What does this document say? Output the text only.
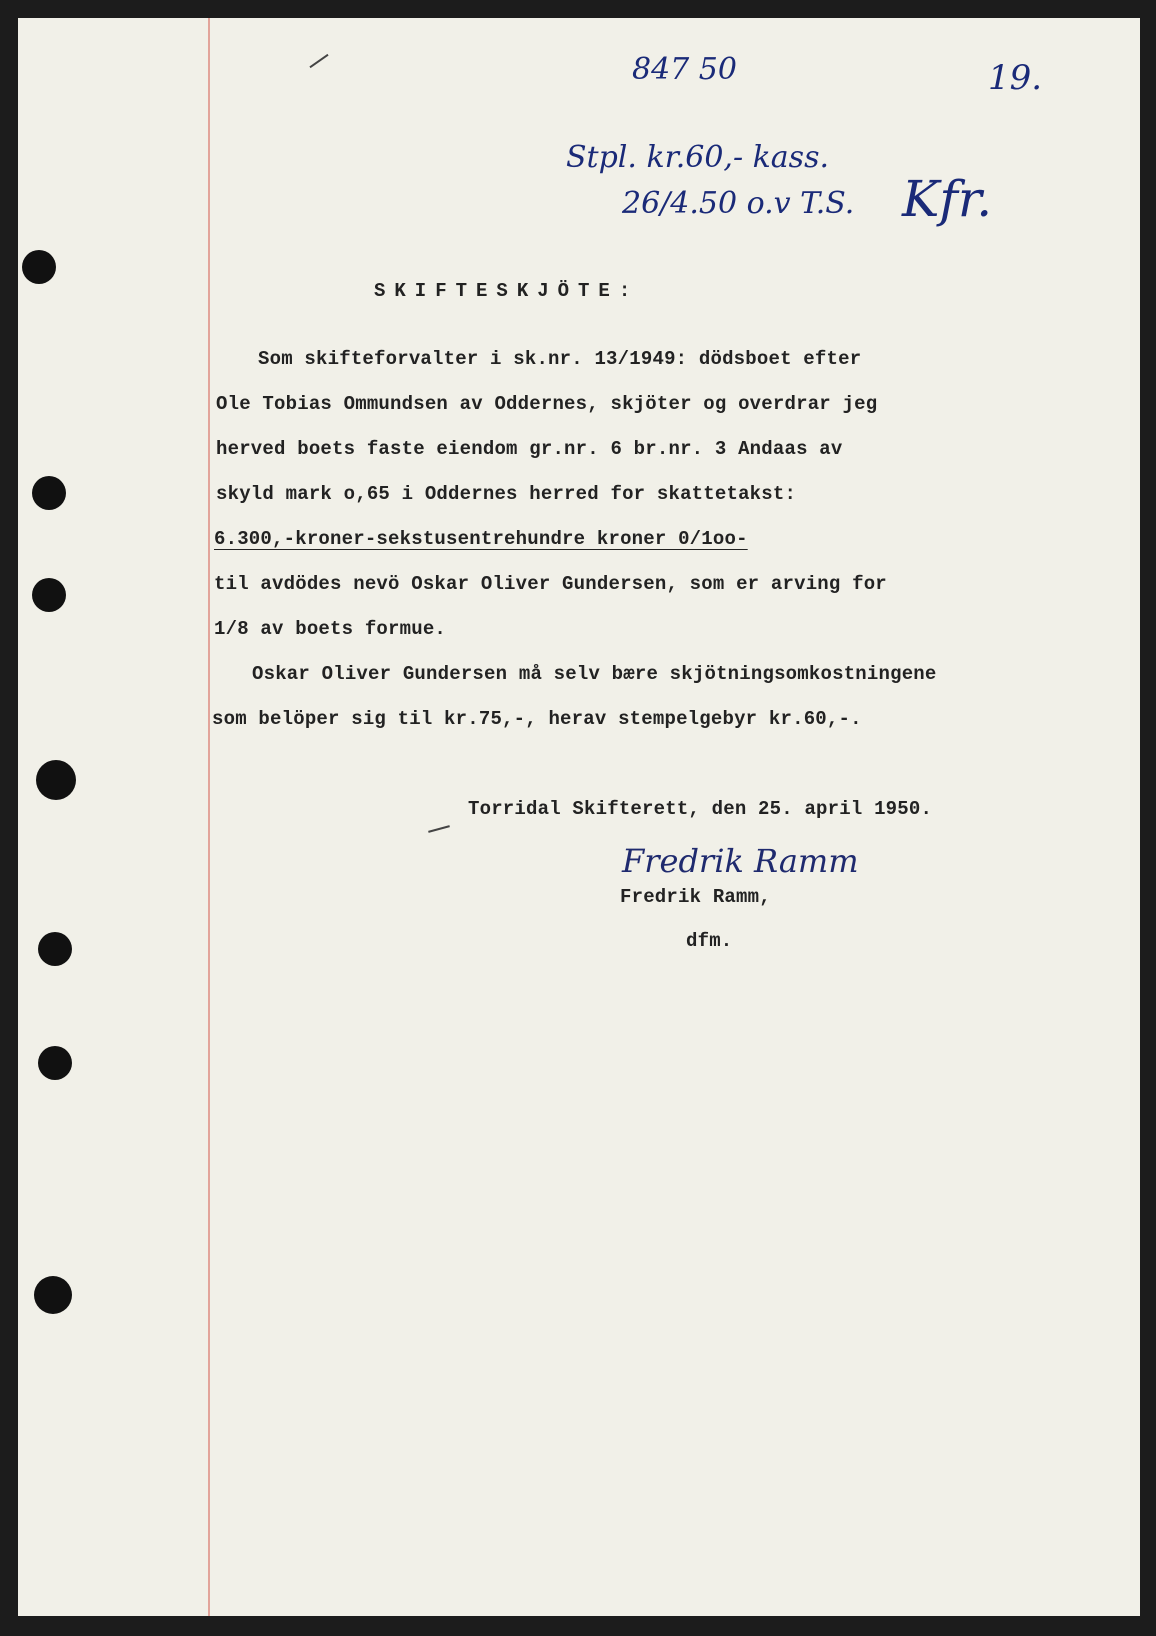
847 50	19.
Stpl. kr.60,- kass.
26/4.50 o.v T.S. Kfr.
SKIFTESKJÖTE:
Som skifteforvalter i sk.nr. 13/1949: dödsboet efter
Ole Tobias Ommundsen av Oddernes, skjöter og overdrar jeg
herved boets faste eiendom gr.nr. 6 br.nr. 3 Andaas av
skyld mark o,65 i Oddernes herred for skattetakst:
6.300,-kroner-sekstusentrehundre kroner 0/1oo-
til avdödes nevö Oskar Oliver Gundersen, som er arving for
1/8 av boets formue.
Oskar Oliver Gundersen må selv bære skjötningsomkostningene
som belöper sig til kr.75,-, herav stempelgebyr kr.60,-.
Torridal Skifterett, den 25. april 1950.
Fredrik Ramm
Fredrik Ramm,
dfm.
